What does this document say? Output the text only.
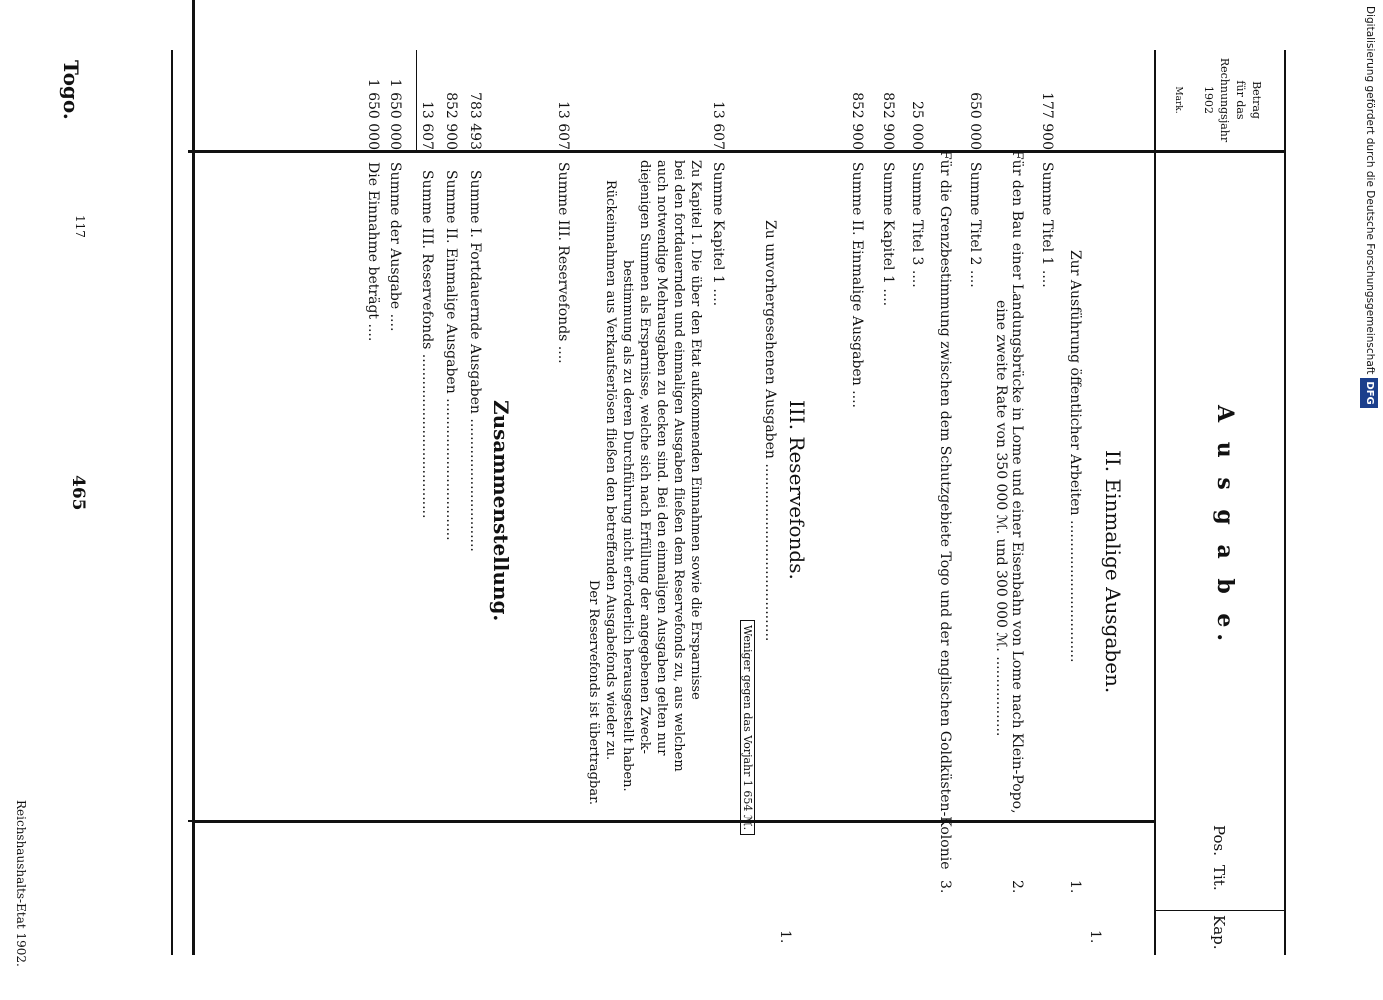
465
Togo.
Reichshaushalts-Etat 1902.
117
Kap.
Tit.
Pos.
A u s g a b e.
Betrag
für das
Rechnungsjahr
1902
Mark.
II. Einmalige Ausgaben.
1.
1.
Zur Ausführung öffentlicher Arbeiten ................................
Summe Titel 1 ....
177 900
2.
Für den Bau einer Landungsbrücke in Lome und einer Eisenbahn von Lome nach Klein-Popo,
eine zweite Rate von 350 000 ℳ. und 300 000 ℳ. ..................
Summe Titel 2 ....
650 000
3.
Für die Grenzbestimmung zwischen dem Schutzgebiete Togo und der englischen Goldküsten-Kolonie
Summe Titel 3 ....
25 000
Summe Kapitel 1 ....
852 900
Summe II. Einmalige Ausgaben ....
852 900
III. Reservefonds.
1.
Zu unvorhergesehenen Ausgaben ........................................
Weniger gegen das Vorjahr 1 654 ℳ.
Summe Kapitel 1 ....
13 607
Zu Kapitel 1. Die über den Etat aufkommenden Einnahmen sowie die Ersparnisse
bei den fortdauernden und einmaligen Ausgaben fließen dem Reservefonds zu, aus welchem
auch notwendige Mehrausgaben zu decken sind. Bei den einmaligen Ausgaben gelten nur
diejenigen Summen als Ersparnisse, welche sich nach Erfüllung der angegebenen Zweck-
bestimmung als zu deren Durchführung nicht erforderlich herausgestellt haben.
Rückeinnahmen aus Verkaufserlösen fließen den betreffenden Ausgabefonds wieder zu.
Der Reservefonds ist übertragbar.
Summe III. Reservefonds ....
13 607
Zusammenstellung.
Summe I. Fortdauernde Ausgaben ..............................
783 493
Summe II. Einmalige Ausgaben ................................
852 900
Summe III. Reservefonds .....................................
13 607
Summe der Ausgabe ....
1 650 000
Die Einnahme beträgt ....
1 650 000	Digitalisierung gefördert durch die Deutsche ForschungsgemeinschaftDFG
